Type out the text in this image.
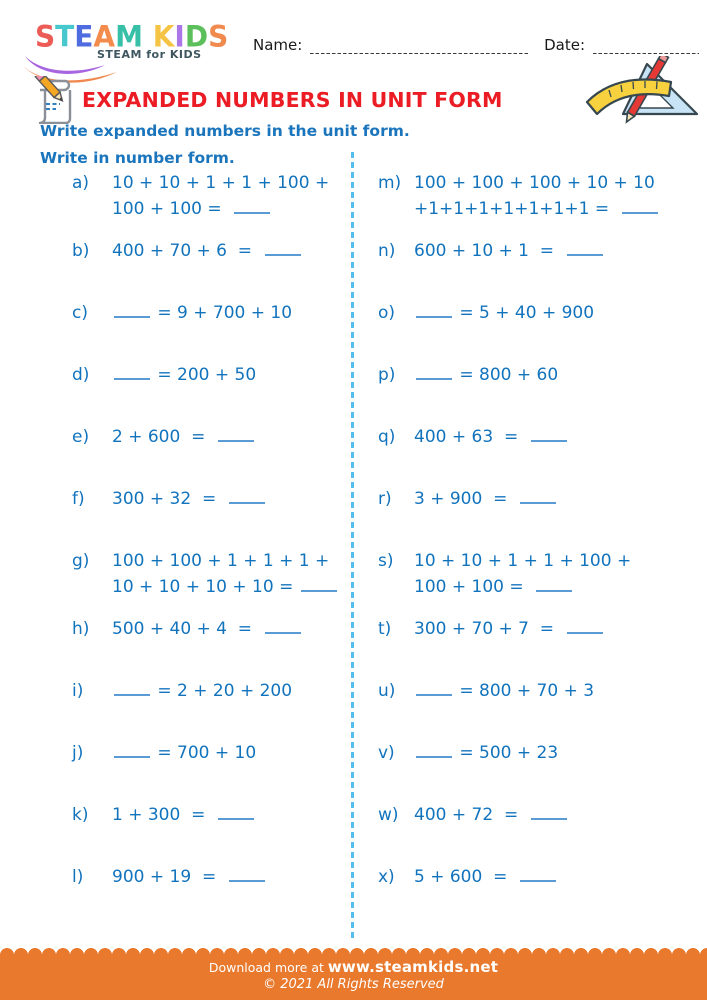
STEAM KIDS
STEAM for KIDS
Name:	Date:
EXPANDED NUMBERS IN UNIT FORM
Write expanded numbers in the unit form.
Write in number form.
a)	10 + 10 + 1 + 1 + 100 +
100 + 100 =
b)	400 + 70 + 6  =
c)	= 9 + 700 + 10
d)	= 200 + 50
e)	2 + 600  =
f)	300 + 32  =
g)	100 + 100 + 1 + 1 + 1 +
10 + 10 + 10 + 10 =
h)	500 + 40 + 4  =
i)	= 2 + 20 + 200
j)	= 700 + 10
k)	1 + 300  =
l)	900 + 19  =
m) 100 + 100 + 100 + 10 + 10
+1+1+1+1+1+1+1 =
n)	600 + 10 + 1  =
o)	= 5 + 40 + 900
p)	= 800 + 60
q)	400 + 63  =
r)	3 + 900  =
s)	10 + 10 + 1 + 1 + 100 +
100 + 100 =
t)	300 + 70 + 7  =
u)	= 800 + 70 + 3
v)	= 500 + 23
w) 400 + 72  =
x)	5 + 600  =
Download more at www.steamkids.net
© 2021 All Rights Reserved
